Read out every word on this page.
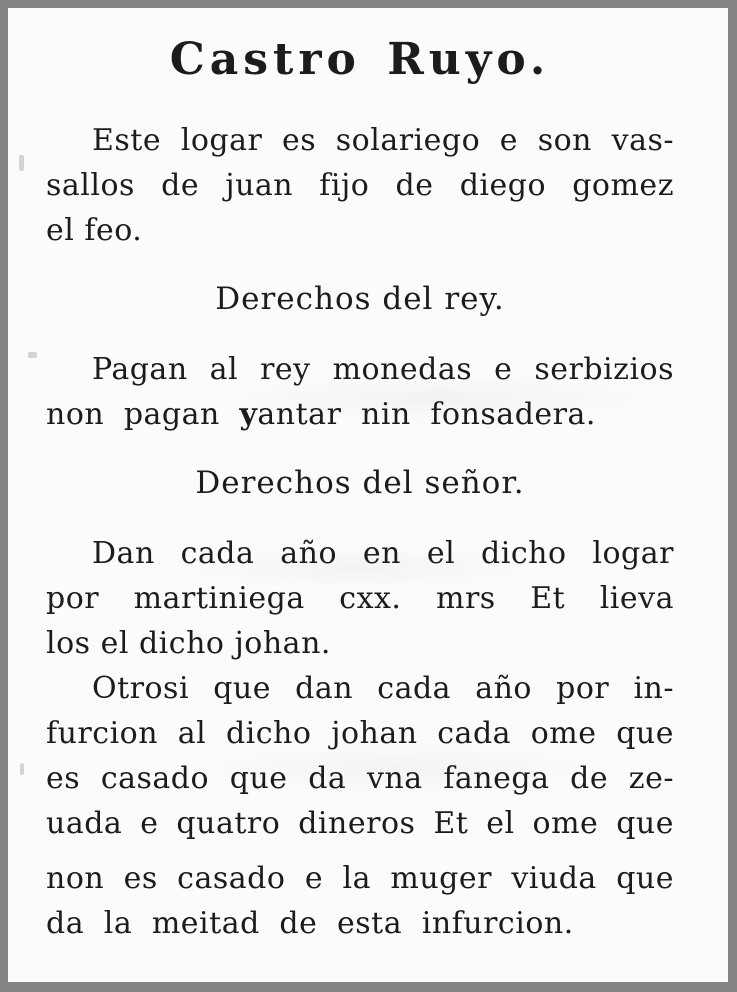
Castro Ruyo.
Este logar es solariego e son vas-
sallos de juan fijo de diego gomez
el feo.
Derechos del rey.
Pagan al rey monedas e serbizios
non pagan yantar nin fonsadera.
Derechos del señor.
Dan cada año en el dicho logar
por martiniega cxx. mrs Et lieva
los el dicho johan.
Otrosi que dan cada año por in-
furcion al dicho johan cada ome que
es casado que da vna fanega de ze-
uada e quatro dineros Et el ome que
non es casado e la muger viuda que
da la meitad de esta infurcion.
